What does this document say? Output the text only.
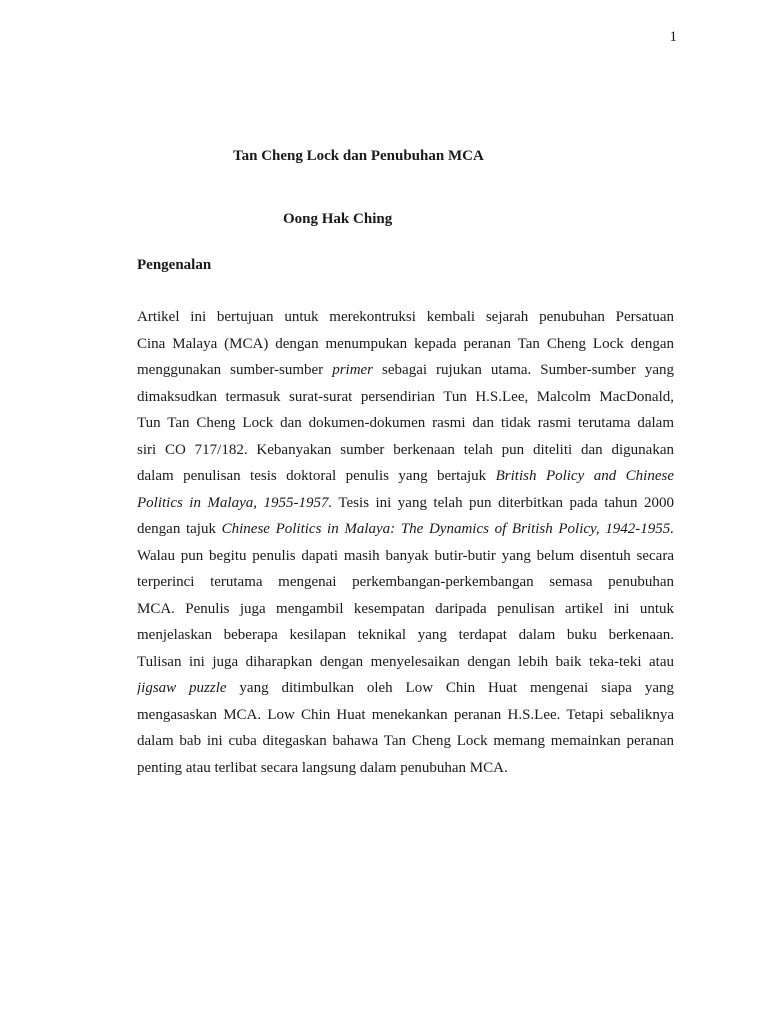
1
Tan Cheng Lock dan Penubuhan MCA
Oong Hak Ching
Pengenalan
Artikel ini bertujuan untuk merekontruksi kembali sejarah penubuhan Persatuan
Cina Malaya (MCA) dengan menumpukan kepada peranan Tan Cheng Lock dengan
menggunakan sumber-sumber primer sebagai rujukan utama. Sumber-sumber yang
dimaksudkan termasuk surat-surat persendirian Tun H.S.Lee, Malcolm MacDonald,
Tun Tan Cheng Lock dan dokumen-dokumen rasmi dan tidak rasmi terutama dalam
siri CO 717/182. Kebanyakan sumber berkenaan telah pun diteliti dan digunakan
dalam penulisan tesis doktoral penulis yang bertajuk British Policy and Chinese
Politics in Malaya, 1955-1957. Tesis ini yang telah pun diterbitkan pada tahun 2000
dengan tajuk Chinese Politics in Malaya: The Dynamics of British Policy, 1942-1955.
Walau pun begitu penulis dapati masih banyak butir-butir yang belum disentuh secara
terperinci terutama mengenai perkembangan-perkembangan semasa penubuhan
MCA. Penulis juga mengambil kesempatan daripada penulisan artikel ini untuk
menjelaskan beberapa kesilapan teknikal yang terdapat dalam buku berkenaan.
Tulisan ini juga diharapkan dengan menyelesaikan dengan lebih baik teka-teki atau
jigsaw puzzle yang ditimbulkan oleh Low Chin Huat mengenai siapa yang
mengasaskan MCA. Low Chin Huat menekankan peranan H.S.Lee. Tetapi sebaliknya
dalam bab ini cuba ditegaskan bahawa Tan Cheng Lock memang memainkan peranan
penting atau terlibat secara langsung dalam penubuhan MCA.
